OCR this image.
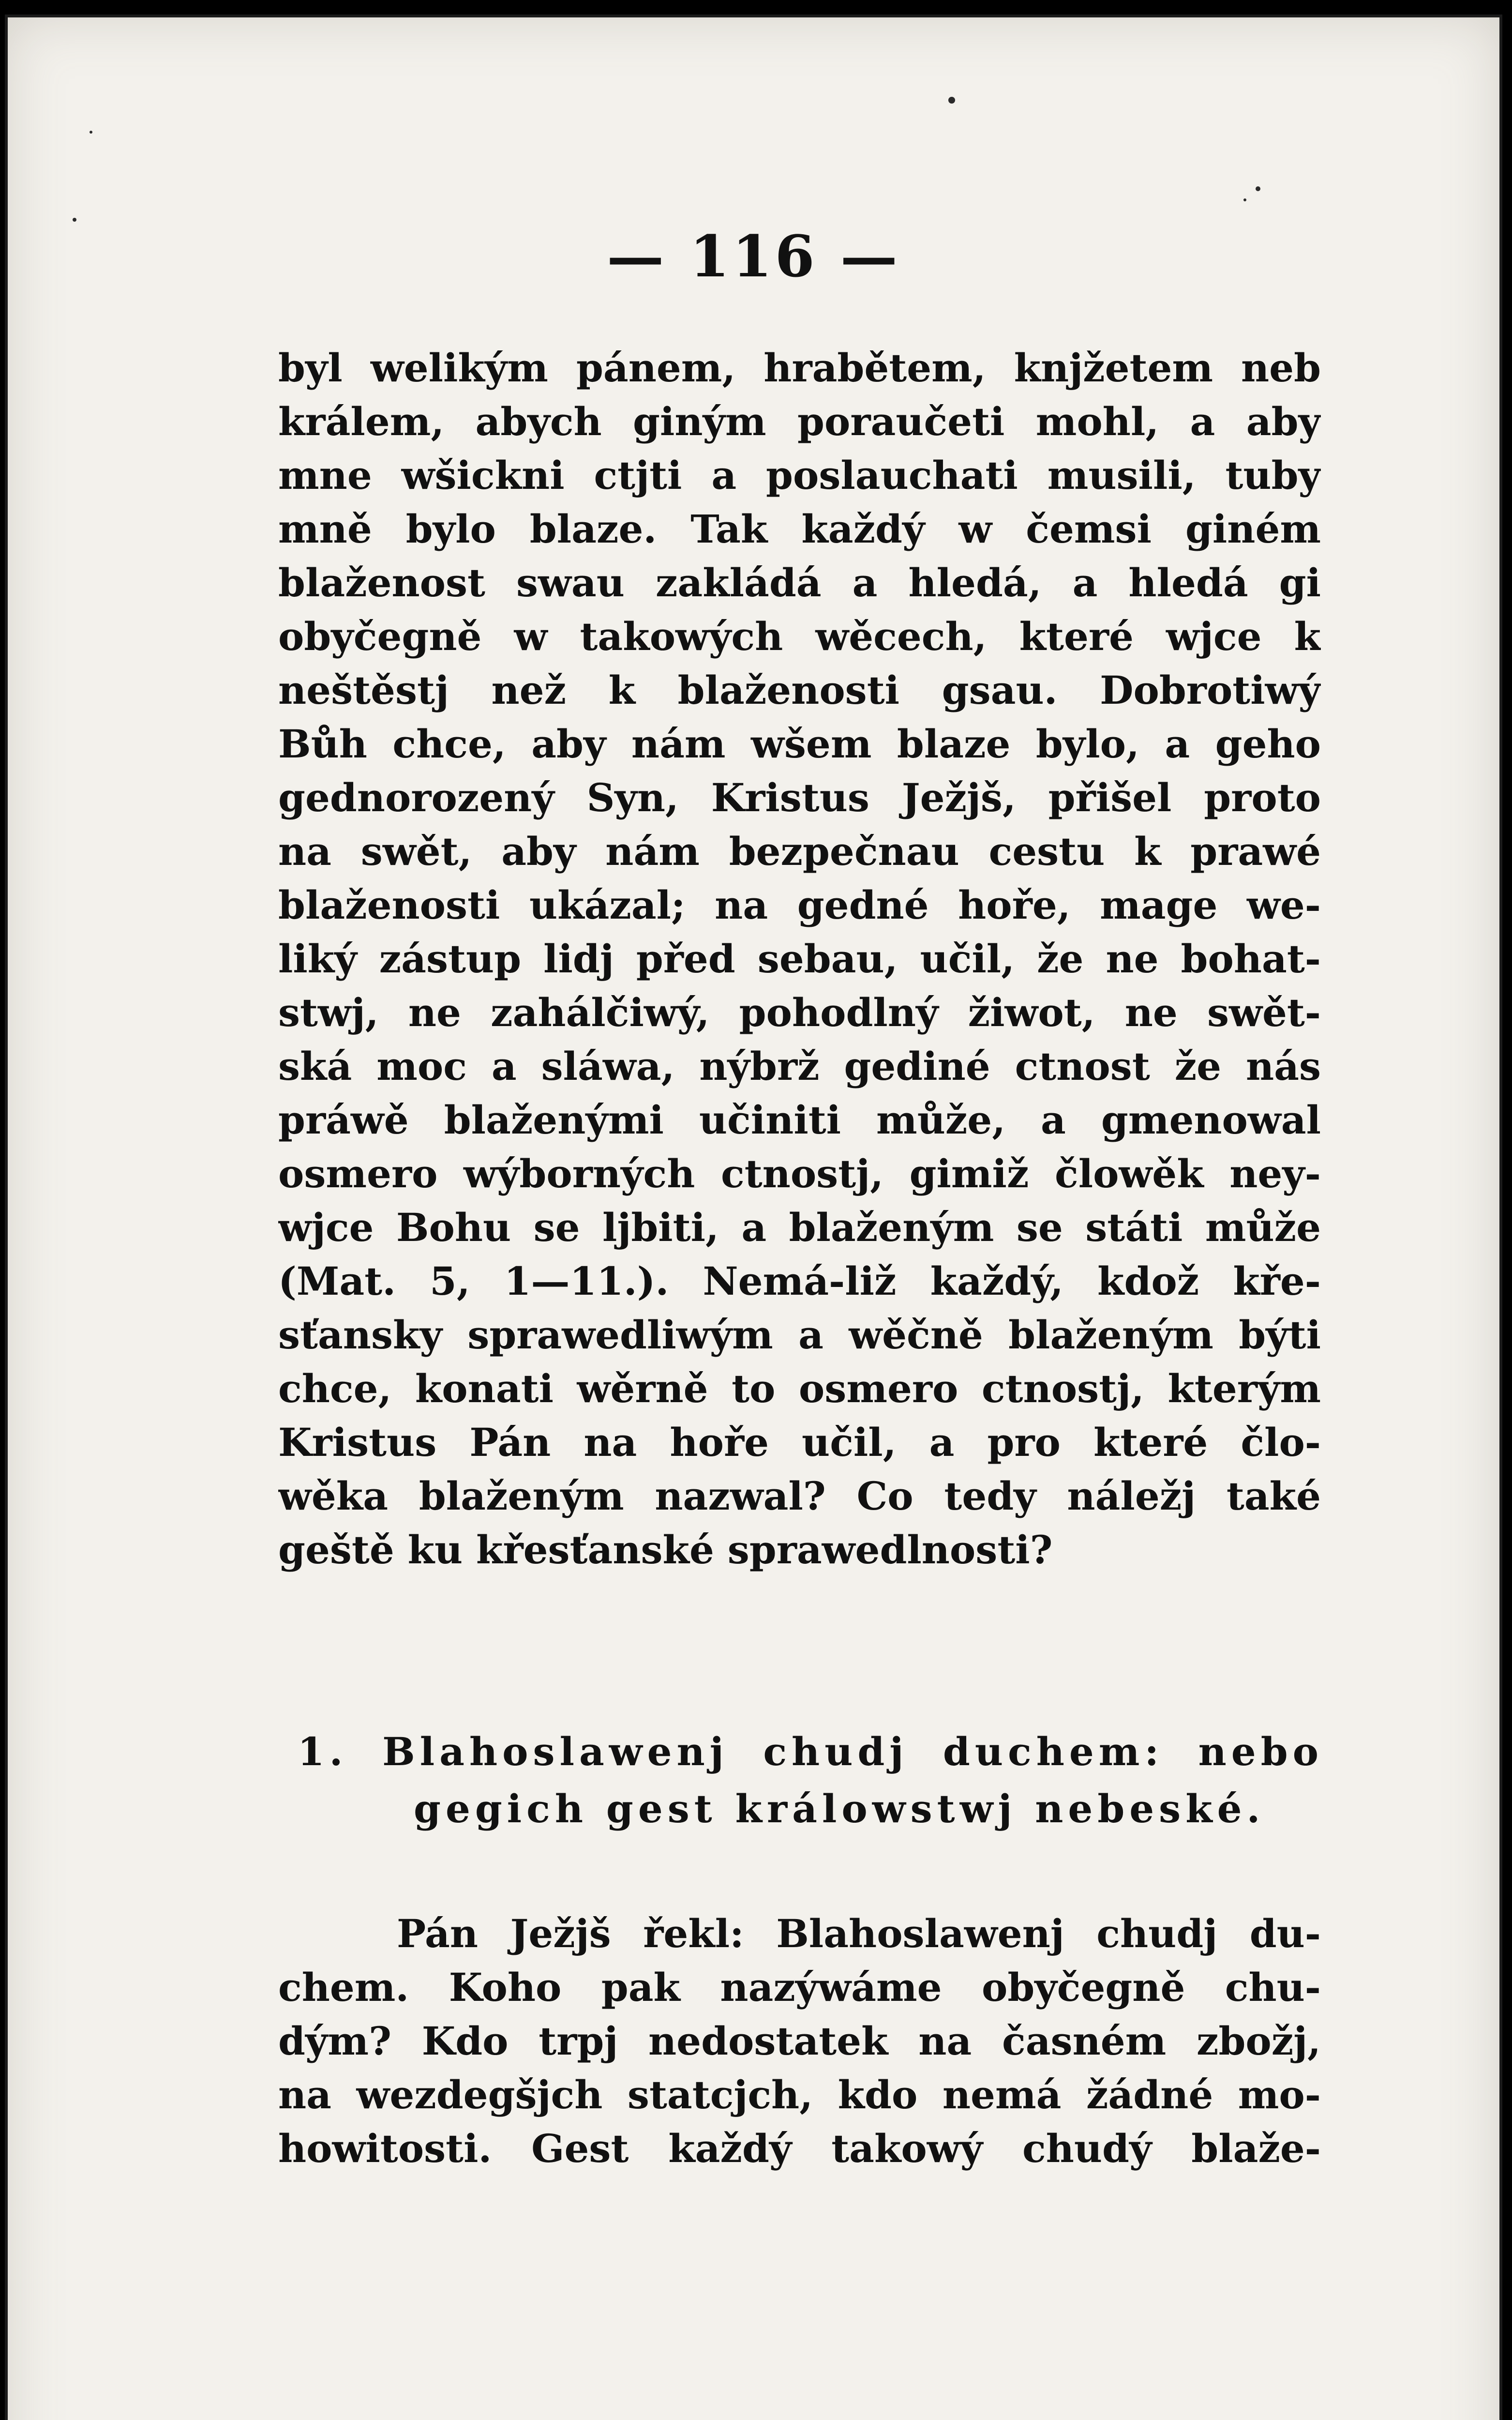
— 116 —
byl welikým pánem, hrabětem, knjžetem neb
králem, abych giným poraučeti mohl, a aby
mne wšickni ctjti a poslauchati musili, tuby
mně bylo blaze. Tak každý w čemsi giném
blaženost swau zakládá a hledá, a hledá gi
obyčegně w takowých wěcech, které wjce k
neštěstj než k blaženosti gsau. Dobrotiwý
Bůh chce, aby nám wšem blaze bylo, a geho
gednorozený Syn, Kristus Ježjš, přišel proto
na swět, aby nám bezpečnau cestu k prawé
blaženosti ukázal; na gedné hoře, mage we-
liký zástup lidj před sebau, učil, že ne bohat-
stwj, ne zahálčiwý, pohodlný žiwot, ne swět-
ská moc a sláwa, nýbrž gediné ctnost že nás
práwě blaženými učiniti může, a gmenowal
osmero wýborných ctnostj, gimiž člowěk ney-
wjce Bohu se ljbiti, a blaženým se státi může
(Mat. 5, 1—11.). Nemá-liž každý, kdož kře-
sťansky sprawedliwým a wěčně blaženým býti
chce, konati wěrně to osmero ctnostj, kterým
Kristus Pán na hoře učil, a pro které člo-
wěka blaženým nazwal? Co tedy náležj také
geště ku křesťanské sprawedlnosti?
1. Blahoslawenj chudj duchem: nebo
gegich gest králowstwj nebeské.
Pán Ježjš řekl: Blahoslawenj chudj du-
chem. Koho pak nazýwáme obyčegně chu-
dým? Kdo trpj nedostatek na časném zbožj,
na wezdegšjch statcjch, kdo nemá žádné mo-
howitosti. Gest každý takowý chudý blaže-
